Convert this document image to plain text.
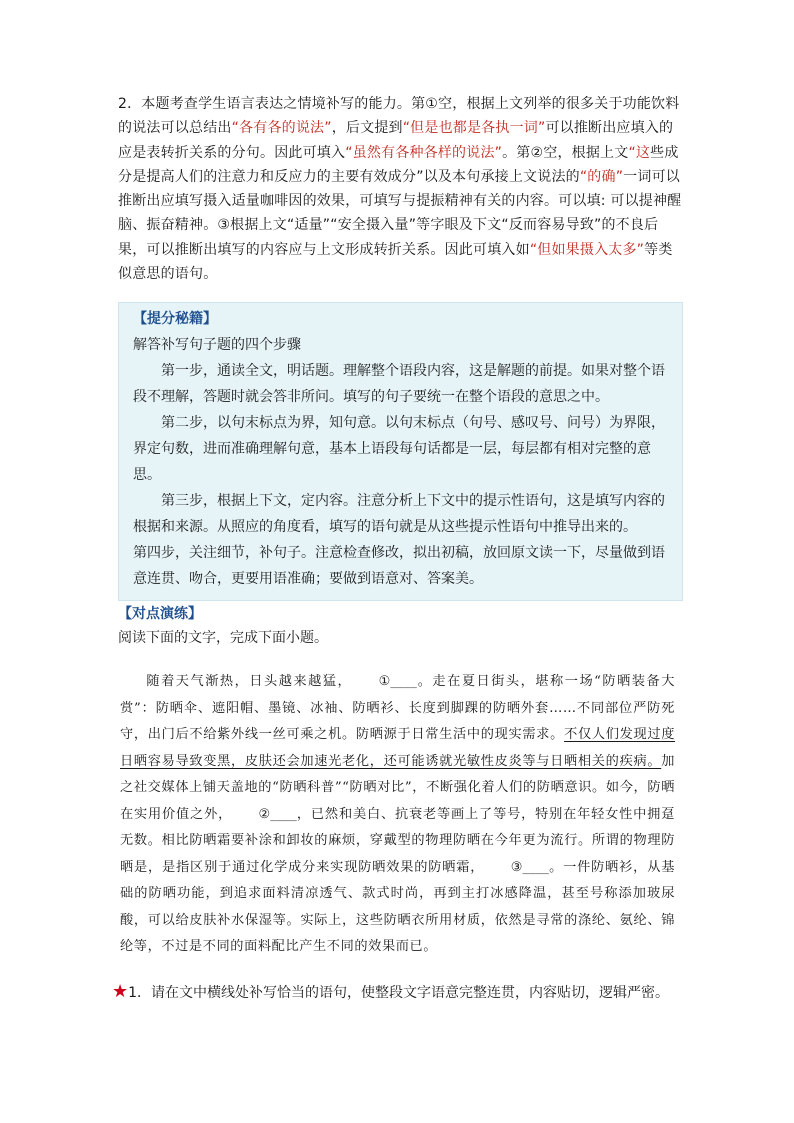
2．本题考查学生语言表达之情境补写的能力。第①空，根据上文列举的很多关于功能饮料的说法可以总结出“各有各的说法”，后文提到“但是也都是各执一词”可以推断出应填入的应是表转折关系的分句。因此可填入“虽然有各种各样的说法”。第②空，根据上文“这些成分是提高人们的注意力和反应力的主要有效成分”以及本句承接上文说法的“的确”一词可以推断出应填写摄入适量咖啡因的效果，可填写与提振精神有关的内容。可以填: 可以提神醒脑、振奋精神。③根据上文“适量”“安全摄入量”等字眼及下文“反而容易导致”的不良后果，可以推断出填写的内容应与上文形成转折关系。因此可填入如“但如果摄入太多”等类似意思的语句。

【提分秘籍】

解答补写句子题的四个步骤

第一步，通读全文，明话题。理解整个语段内容，这是解题的前提。如果对整个语段不理解，答题时就会答非所问。填写的句子要统一在整个语段的意思之中。

第二步，以句末标点为界，知句意。以句末标点（句号、感叹号、问号）为界限，界定句数，进而准确理解句意，基本上语段每句话都是一层，每层都有相对完整的意思。

第三步，根据上下文，定内容。注意分析上下文中的提示性语句，这是填写内容的根据和来源。从照应的角度看，填写的语句就是从这些提示性语句中推导出来的。

第四步，关注细节，补句子。注意检查修改，拟出初稿，放回原文读一下，尽量做到语意连贯、吻合，更要用语准确；要做到语意对、答案美。

【对点演练】

阅读下面的文字，完成下面小题。

随着天气渐热，日头越来越猛， ①____。走在夏日街头，堪称一场“防晒装备大赏”：防晒伞、遮阳帽、墨镜、冰袖、防晒衫、长度到脚踝的防晒外套……不同部位严防死守，出门后不给紫外线一丝可乘之机。防晒源于日常生活中的现实需求。不仅人们发现过度日晒容易导致变黑，皮肤还会加速光老化，还可能诱就光敏性皮炎等与日晒相关的疾病。加之社交媒体上铺天盖地的“防晒科普”“防晒对比”，不断强化着人们的防晒意识。如今，防晒在实用价值之外， ②____，已然和美白、抗衰老等画上了等号，特别在年轻女性中拥趸无数。相比防晒霜要补涂和卸妆的麻烦，穿戴型的物理防晒在今年更为流行。所谓的物理防晒是，是指区别于通过化学成分来实现防晒效果的防晒霜， ③____。一件防晒衫，从基础的防晒功能，到追求面料清凉透气、款式时尚，再到主打冰感降温，甚至号称添加玻尿酸，可以给皮肤补水保湿等。实际上，这些防晒衣所用材质，依然是寻常的涤纶、氨纶、锦纶等，不过是不同的面料配比产生不同的效果而已。

★ 1．请在文中横线处补写恰当的语句，使整段文字语意完整连贯，内容贴切，逻辑严密。
